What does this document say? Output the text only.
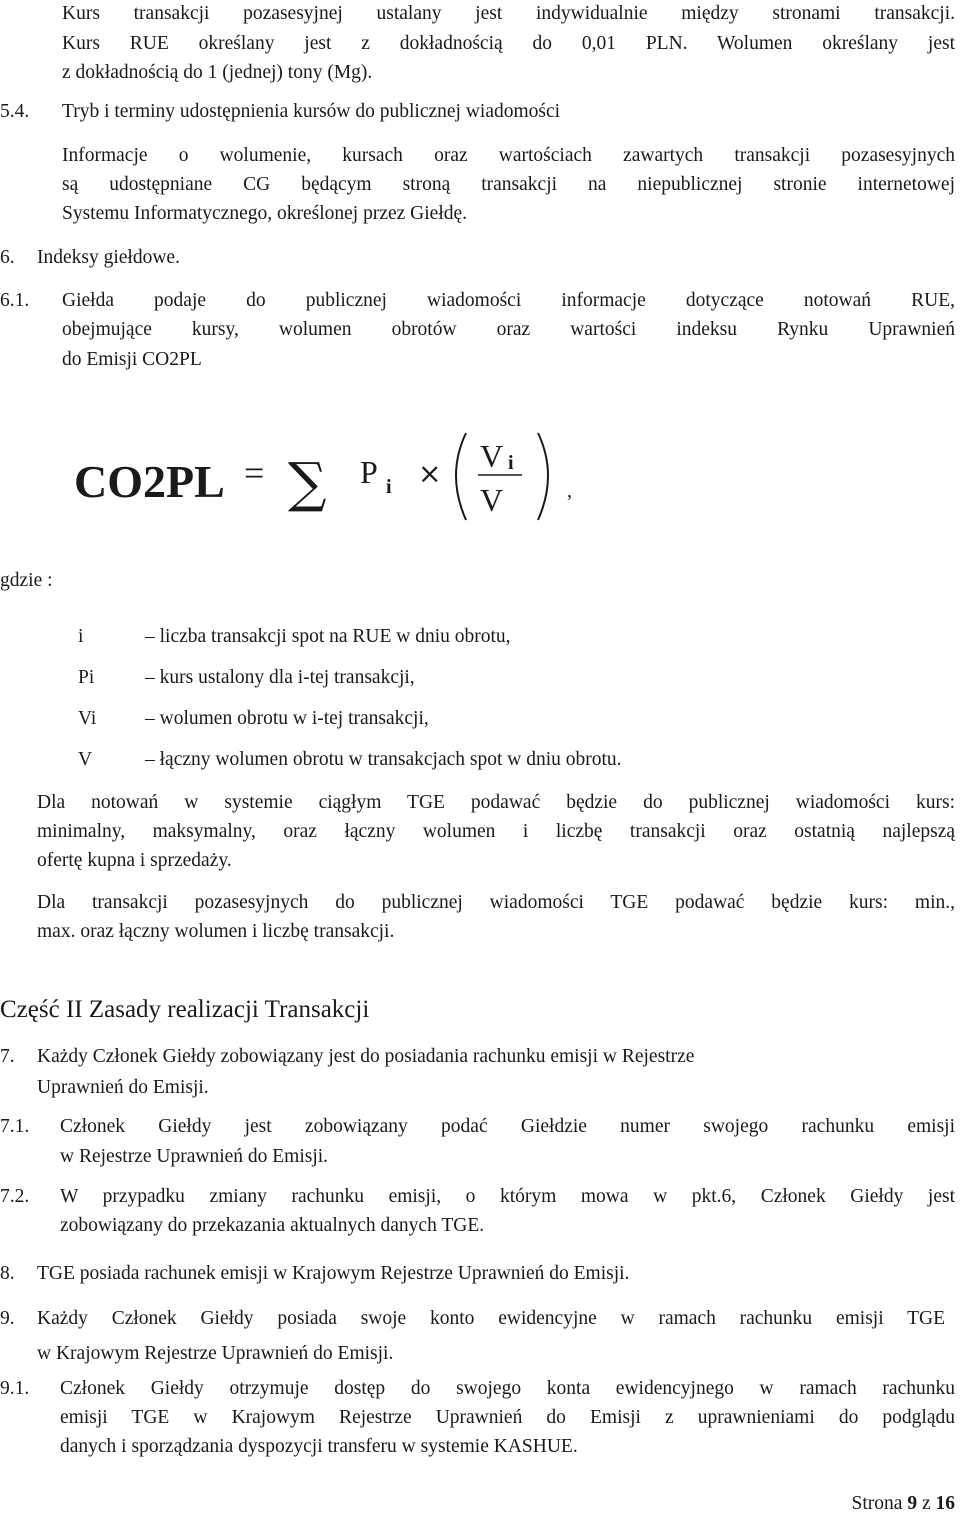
Kurs transakcji pozasesyjnej ustalany jest indywidualnie między stronami transakcji.
Kurs RUE określany jest z dokładnością do 0,01 PLN. Wolumen określany jest
z dokładnością do 1 (jednej) tony (Mg).
5.4. Tryb i terminy udostępnienia kursów do publicznej wiadomości
Informacje o wolumenie, kursach oraz wartościach zawartych transakcji pozasesyjnych
są udostępniane CG będącym stroną transakcji na niepublicznej stronie internetowej
Systemu Informatycznego, określonej przez Giełdę.
6. Indeksy giełdowe.
6.1. Giełda podaje do publicznej wiadomości informacje dotyczące notowań RUE,
obejmujące kursy, wolumen obrotów oraz wartości indeksu Rynku Uprawnień
do Emisji CO2PL
CO2PL = ∑ P i × V i
V	,
gdzie :
i	– liczba transakcji spot na RUE w dniu obrotu,
Pi	– kurs ustalony dla i-tej transakcji,
Vi – wolumen obrotu w i-tej transakcji,
V	– łączny wolumen obrotu w transakcjach spot w dniu obrotu.
Dla notowań w systemie ciągłym TGE podawać będzie do publicznej wiadomości kurs:
minimalny, maksymalny, oraz łączny wolumen i liczbę transakcji oraz ostatnią najlepszą
ofertę kupna i sprzedaży.
Dla transakcji pozasesyjnych do publicznej wiadomości TGE podawać będzie kurs: min.,
max. oraz łączny wolumen i liczbę transakcji.
Część II Zasady realizacji Transakcji
7. Każdy Członek Giełdy zobowiązany jest do posiadania rachunku emisji w Rejestrze
Uprawnień do Emisji.
7.1. Członek Giełdy jest zobowiązany podać Giełdzie numer swojego rachunku emisji
w Rejestrze Uprawnień do Emisji.
7.2. W przypadku zmiany rachunku emisji, o którym mowa w pkt.6, Członek Giełdy jest
zobowiązany do przekazania aktualnych danych TGE.
8. TGE posiada rachunek emisji w Krajowym Rejestrze Uprawnień do Emisji.
9. Każdy Członek Giełdy posiada swoje konto ewidencyjne w ramach rachunku emisji TGE
w Krajowym Rejestrze Uprawnień do Emisji.
9.1. Członek Giełdy otrzymuje dostęp do swojego konta ewidencyjnego w ramach rachunku
emisji TGE w Krajowym Rejestrze Uprawnień do Emisji z uprawnieniami do podglądu
danych i sporządzania dyspozycji transferu w systemie KASHUE.
Strona 9 z 16
